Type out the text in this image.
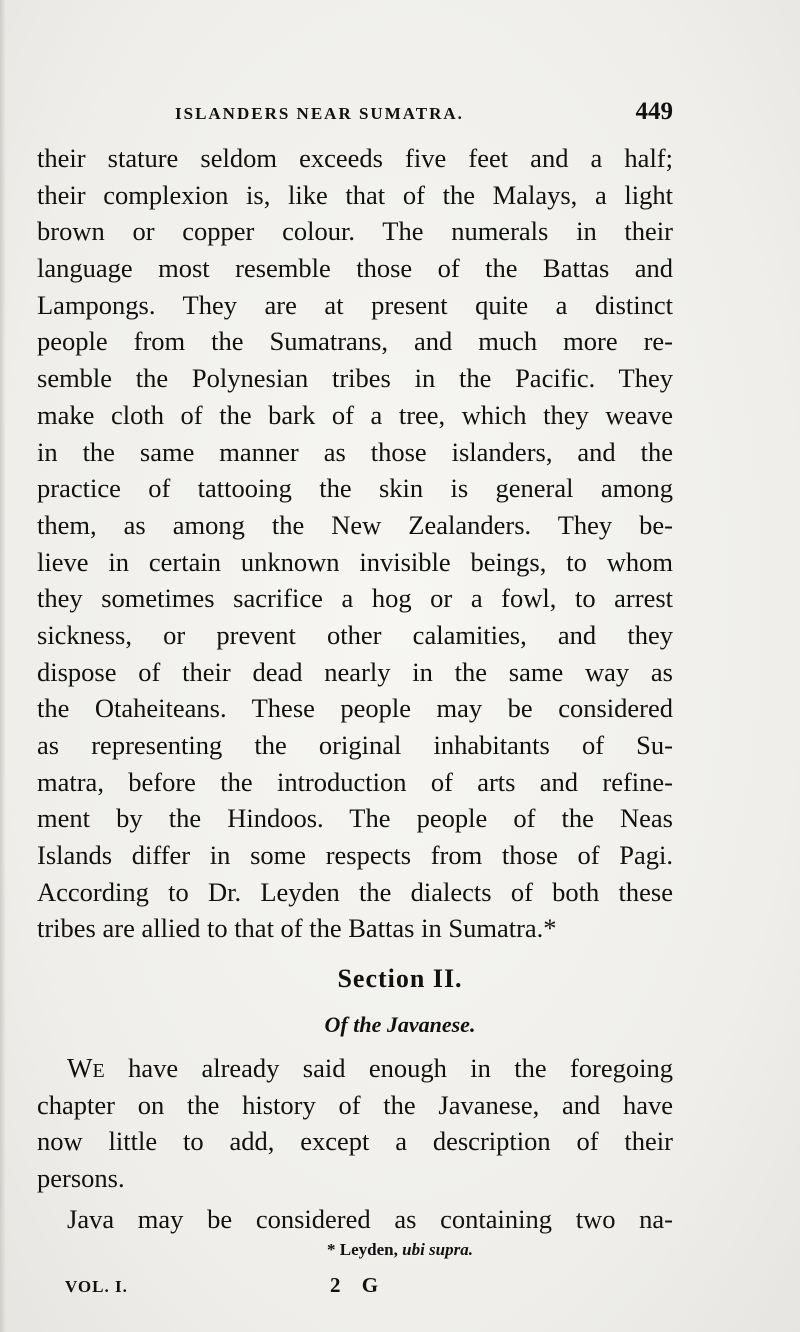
ISLANDERS NEAR SUMATRA.	449
their stature seldom exceeds five feet and a half;
their complexion is, like that of the Malays, a light
brown or copper colour. The numerals in their
language most resemble those of the Battas and
Lampongs. They are at present quite a distinct
people from the Sumatrans, and much more re-
semble the Polynesian tribes in the Pacific. They
make cloth of the bark of a tree, which they weave
in the same manner as those islanders, and the
practice of tattooing the skin is general among
them, as among the New Zealanders. They be-
lieve in certain unknown invisible beings, to whom
they sometimes sacrifice a hog or a fowl, to arrest
sickness, or prevent other calamities, and they
dispose of their dead nearly in the same way as
the Otaheiteans. These people may be considered
as representing the original inhabitants of Su-
matra, before the introduction of arts and refine-
ment by the Hindoos. The people of the Neas
Islands differ in some respects from those of Pagi.
According to Dr. Leyden the dialects of both these
tribes are allied to that of the Battas in Sumatra.*
Section II.
Of the Javanese.
WE have already said enough in the foregoing
chapter on the history of the Javanese, and have
now little to add, except a description of their
persons.
Java may be considered as containing two na-
* Leyden, ubi supra.
VOL. I.	2 G
